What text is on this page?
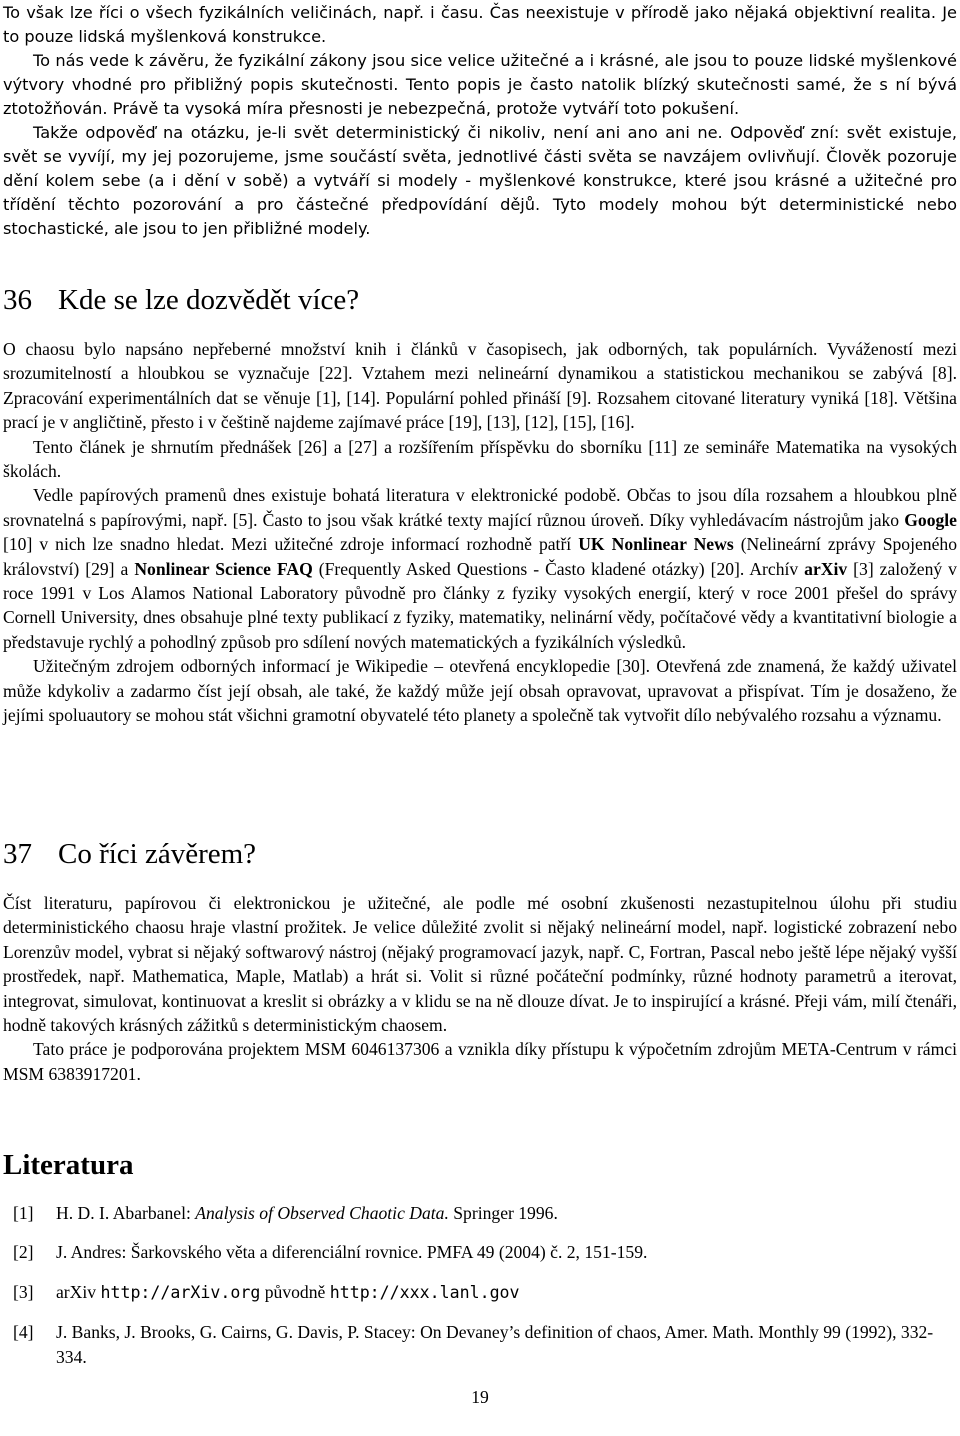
To však lze říci o všech fyzikálních veličinách, např. i času. Čas neexistuje v přírodě jako nějaká objektivní realita. Je to pouze lidská myšlenková konstrukce.

To nás vede k závěru, že fyzikální zákony jsou sice velice užitečné a i krásné, ale jsou to pouze lidské myšlenkové výtvory vhodné pro přibližný popis skutečnosti. Tento popis je často natolik blízký skutečnosti samé, že s ní bývá ztotožňován. Právě ta vysoká míra přesnosti je nebezpečná, protože vytváří toto pokušení.

Takže odpověď na otázku, je-li svět deterministický či nikoliv, není ani ano ani ne. Odpověď zní: svět existuje, svět se vyvíjí, my jej pozorujeme, jsme součástí světa, jednotlivé části světa se navzájem ovlivňují. Člověk pozoruje dění kolem sebe (a i dění v sobě) a vytváří si modely - myšlenkové konstrukce, které jsou krásné a užitečné pro třídění těchto pozorování a pro částečné předpovídání dějů. Tyto modely mohou být deterministické nebo stochastické, ale jsou to jen přibližné modely.

36 Kde se lze dozvědět více?

O chaosu bylo napsáno nepřeberné množství knih i článků v časopisech, jak odborných, tak populárních. Vyvážeností mezi srozumitelností a hloubkou se vyznačuje [22]. Vztahem mezi nelineární dynamikou a statistickou mechanikou se zabývá [8]. Zpracování experimentálních dat se věnuje [1], [14]. Populární pohled přináší [9]. Rozsahem citované literatury vyniká [18]. Většina prací je v angličtině, přesto i v češtině najdeme zajímavé práce [19], [13], [12], [15], [16].

Tento článek je shrnutím přednášek [26] a [27] a rozšířením příspěvku do sborníku [11] ze semináře Matematika na vysokých školách.

Vedle papírových pramenů dnes existuje bohatá literatura v elektronické podobě. Občas to jsou díla rozsahem a hloubkou plně srovnatelná s papírovými, např. [5]. Často to jsou však krátké texty mající různou úroveň. Díky vyhledávacím nástrojům jako Google [10] v nich lze snadno hledat. Mezi užitečné zdroje informací rozhodně patří UK Nonlinear News (Nelineární zprávy Spojeného království) [29] a Nonlinear Science FAQ (Frequently Asked Questions - Často kladené otázky) [20]. Archív arXiv [3] založený v roce 1991 v Los Alamos National Laboratory původně pro články z fyziky vysokých energií, který v roce 2001 přešel do správy Cornell University, dnes obsahuje plné texty publikací z fyziky, matematiky, nelinární vědy, počítačové vědy a kvantitativní biologie a představuje rychlý a pohodlný způsob pro sdílení nových matematických a fyzikálních výsledků.

Užitečným zdrojem odborných informací je Wikipedie – otevřená encyklopedie [30]. Otevřená zde znamená, že každý uživatel může kdykoliv a zadarmo číst její obsah, ale také, že každý může její obsah opravovat, upravovat a přispívat. Tím je dosaženo, že jejími spoluautory se mohou stát všichni gramotní obyvatelé této planety a společně tak vytvořit dílo nebývalého rozsahu a významu.

37 Co říci závěrem?

Číst literaturu, papírovou či elektronickou je užitečné, ale podle mé osobní zkušenosti nezastupitelnou úlohu při studiu deterministického chaosu hraje vlastní prožitek. Je velice důležité zvolit si nějaký nelineární model, např. logistické zobrazení nebo Lorenzův model, vybrat si nějaký softwarový nástroj (nějaký programovací jazyk, např. C, Fortran, Pascal nebo ještě lépe nějaký vyšší prostředek, např. Mathematica, Maple, Matlab) a hrát si. Volit si různé počáteční podmínky, různé hodnoty parametrů a iterovat, integrovat, simulovat, kontinuovat a kreslit si obrázky a v klidu se na ně dlouze dívat. Je to inspirující a krásné. Přeji vám, milí čtenáři, hodně takových krásných zážitků s deterministickým chaosem.

Tato práce je podporována projektem MSM 6046137306 a vznikla díky přístupu k výpočetním zdrojům META-Centrum v rámci MSM 6383917201.

Literatura
[1]	H. D. I. Abarbanel: Analysis of Observed Chaotic Data. Springer 1996.
[2]	J. Andres: Šarkovského věta a diferenciální rovnice. PMFA 49 (2004) č. 2, 151-159.
[3]	arXiv http://arXiv.org původně http://xxx.lanl.gov
[4]	J. Banks, J. Brooks, G. Cairns, G. Davis, P. Stacey: On Devaney’s definition of chaos, Amer. Math. Monthly 99 (1992), 332-334.
19
